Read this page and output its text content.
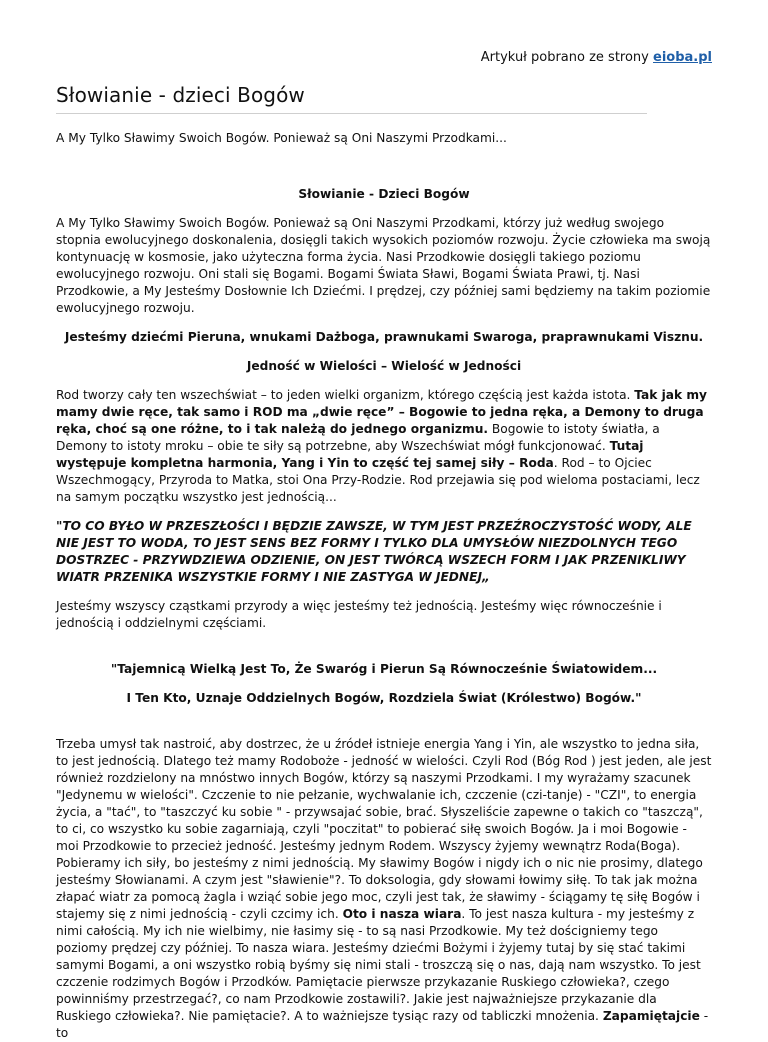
Artykuł pobrano ze strony eioba.pl
Słowianie - dzieci Bogów

A My Tylko Sławimy Swoich Bogów. Ponieważ są Oni Naszymi Przodkami...

Słowianie - Dzieci Bogów

A My Tylko Sławimy Swoich Bogów. Ponieważ są Oni Naszymi Przodkami, którzy już według swojego stopnia ewolucyjnego doskonalenia, dosięgli takich wysokich poziomów rozwoju. Życie człowieka ma swoją kontynuację w kosmosie, jako użyteczna forma życia. Nasi Przodkowie dosięgli takiego poziomu ewolucyjnego rozwoju. Oni stali się Bogami. Bogami Świata Sławi, Bogami Świata Prawi, tj. Nasi Przodkowie, a My Jesteśmy Dosłownie Ich Dziećmi. I prędzej, czy później sami będziemy na takim poziomie ewolucyjnego rozwoju.

Jesteśmy dziećmi Pieruna, wnukami Dażboga, prawnukami Swaroga, praprawnukami Visznu.

Jedność w Wielości – Wielość w Jedności

Rod tworzy cały ten wszechświat – to jeden wielki organizm, którego częścią jest każda istota. Tak jak my mamy dwie ręce, tak samo i ROD ma „dwie ręce” – Bogowie to jedna ręka, a Demony to druga ręka, choć są one różne, to i tak należą do jednego organizmu. Bogowie to istoty światła, a Demony to istoty mroku – obie te siły są potrzebne, aby Wszechświat mógł funkcjonować. Tutaj występuje kompletna harmonia, Yang i Yin to część tej samej siły – Roda. Rod – to Ojciec Wszechmogący, Przyroda to Matka, stoi Ona Przy-Rodzie. Rod przejawia się pod wieloma postaciami, lecz na samym początku wszystko jest jednością...

"TO CO BYŁO W PRZESZŁOŚCI I BĘDZIE ZAWSZE, W TYM JEST PRZEŹROCZYSTOŚĆ WODY, ALE NIE JEST TO WODA, TO JEST SENS BEZ FORMY I TYLKO DLA UMYSŁÓW NIEZDOLNYCH TEGO DOSTRZEC - PRZYWDZIEWA ODZIENIE, ON JEST TWÓRCĄ WSZECH FORM I JAK PRZENIKLIWY WIATR PRZENIKA WSZYSTKIE FORMY I NIE ZASTYGA W JEDNEJ„

Jesteśmy wszyscy cząstkami przyrody a więc jesteśmy też jednością. Jesteśmy więc równocześnie i jednością i oddzielnymi częściami.

"Tajemnicą Wielką Jest To, Że Swaróg i Pierun Są Równocześnie Światowidem...

I Ten Kto, Uznaje Oddzielnych Bogów, Rozdziela Świat (Królestwo) Bogów."

Trzeba umysł tak nastroić, aby dostrzec, że u źródeł istnieje energia Yang i Yin, ale wszystko to jedna siła, to jest jednością. Dlatego też mamy Rodoboże - jedność w wielości. Czyli Rod (Bóg Rod ) jest jeden, ale jest również rozdzielony na mnóstwo innych Bogów, którzy są naszymi Przodkami. I my wyrażamy szacunek "Jedynemu w wielości". Czczenie to nie pełzanie, wychwalanie ich, czczenie (czi-tanje) - "CZI", to energia życia, a "tać", to "taszczyć ku sobie " - przywsajać sobie, brać. Słyszeliście zapewne o takich co "taszczą", to ci, co wszystko ku sobie zagarniają, czyli "poczitat" to pobierać siłę swoich Bogów. Ja i moi Bogowie - moi Przodkowie to przecież jedność. Jesteśmy jednym Rodem. Wszyscy żyjemy wewnątrz Roda(Boga). Pobieramy ich siły, bo jesteśmy z nimi jednością. My sławimy Bogów i nigdy ich o nic nie prosimy, dlatego jesteśmy Słowianami. A czym jest "sławienie"?. To doksologia, gdy słowami łowimy siłę. To tak jak można złapać wiatr za pomocą żagla i wziąć sobie jego moc, czyli jest tak, że sławimy - ściągamy tę siłę Bogów i stajemy się z nimi jednością - czyli czcimy ich. Oto i nasza wiara. To jest nasza kultura - my jesteśmy z nimi całością. My ich nie wielbimy, nie łasimy się - to są nasi Przodkowie. My też dościgniemy tego poziomy prędzej czy później. To nasza wiara. Jesteśmy dziećmi Bożymi i żyjemy tutaj by się stać takimi samymi Bogami, a oni wszystko robią byśmy się nimi stali - troszczą się o nas, dają nam wszystko. To jest czczenie rodzimych Bogów i Przodków. Pamiętacie pierwsze przykazanie Ruskiego człowieka?, czego powinniśmy przestrzegać?, co nam Przodkowie zostawili?. Jakie jest najważniejsze przykazanie dla Ruskiego człowieka?. Nie pamiętacie?. A to ważniejsze tysiąc razy od tabliczki mnożenia. Zapamiętajcie - to
